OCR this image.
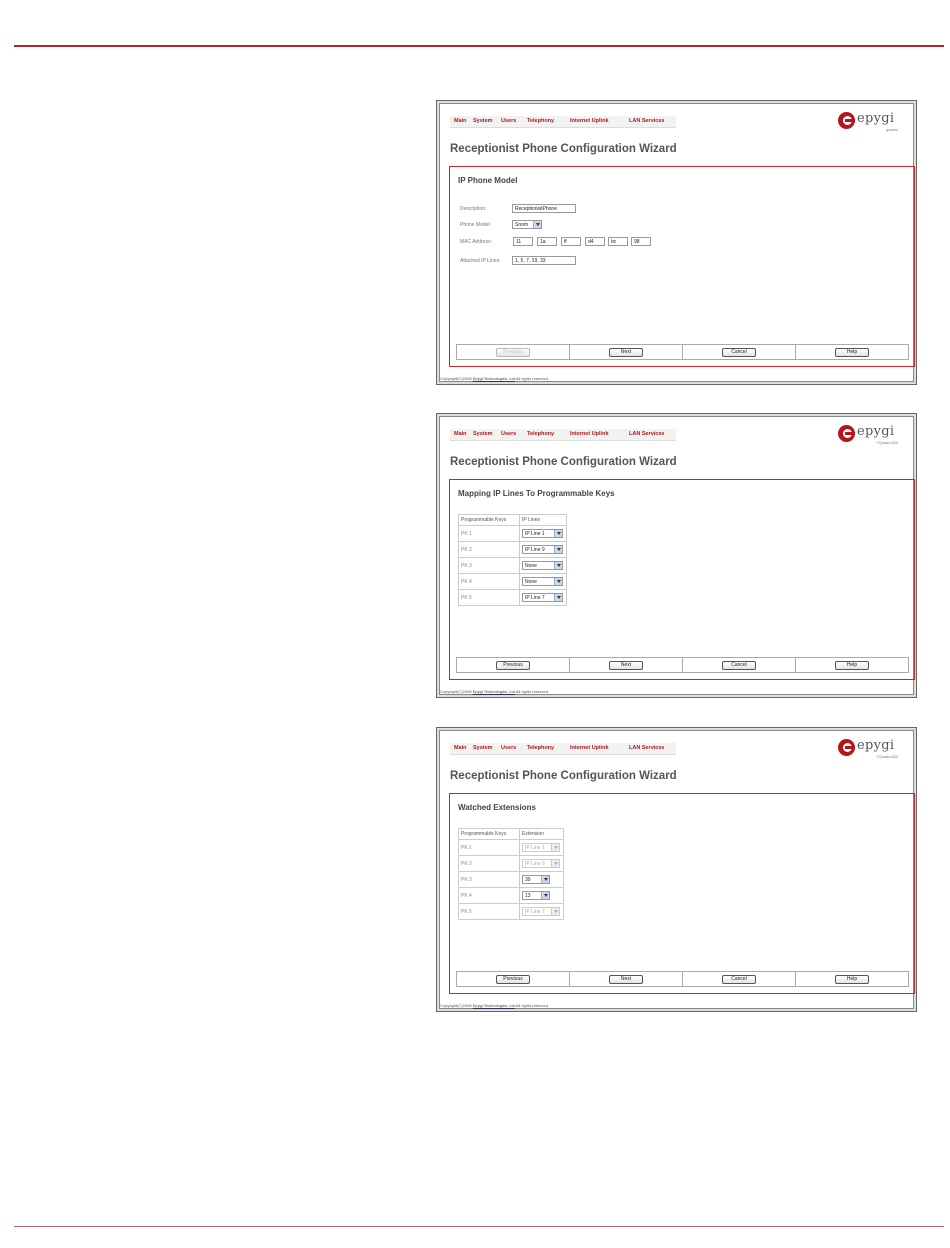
Main System Users Telephony	Internet Uplink	LAN Services	epygi
quadro
Receptionist Phone Configuration Wizard
IP Phone Model
Description:	ReceptionistPhone
Phone Model:	Snom
MAC Address:	11	1a	ff	d4	bc	98
Attached IP Lines:	1, 5, 7, 19, 33
Previous	Next	Cancel	Help
Copyright(C)2008 Epygi Technologies, Ltd All rights reserved.
Main System Users Telephony	Internet Uplink	LAN Services	epygi
TQuadro320
Receptionist Phone Configuration Wizard
Mapping IP Lines To Programmable Keys
Programmable Keys	IP Lines
PK 1	IP Line 1

PK 2	IP Line 9

PK 3	None

PK 4	None

PK 5	IP Line 7
Previous	Next	Cancel	Help
Copyright(C)2008 Epygi Technologies, Ltd All rights reserved.
Main System Users Telephony	Internet Uplink	LAN Services	epygi
TQuadro320
Receptionist Phone Configuration Wizard
Watched Extensions
Programmable Keys	Extension
PK 1	IP Line 1

PK 2	IP Line 9

PK 3	39

PK 4	13

PK 5	IP Line 7
Previous	Next	Cancel	Help
Copyright(C)2008 Epygi Technologies, Ltd All rights reserved.
